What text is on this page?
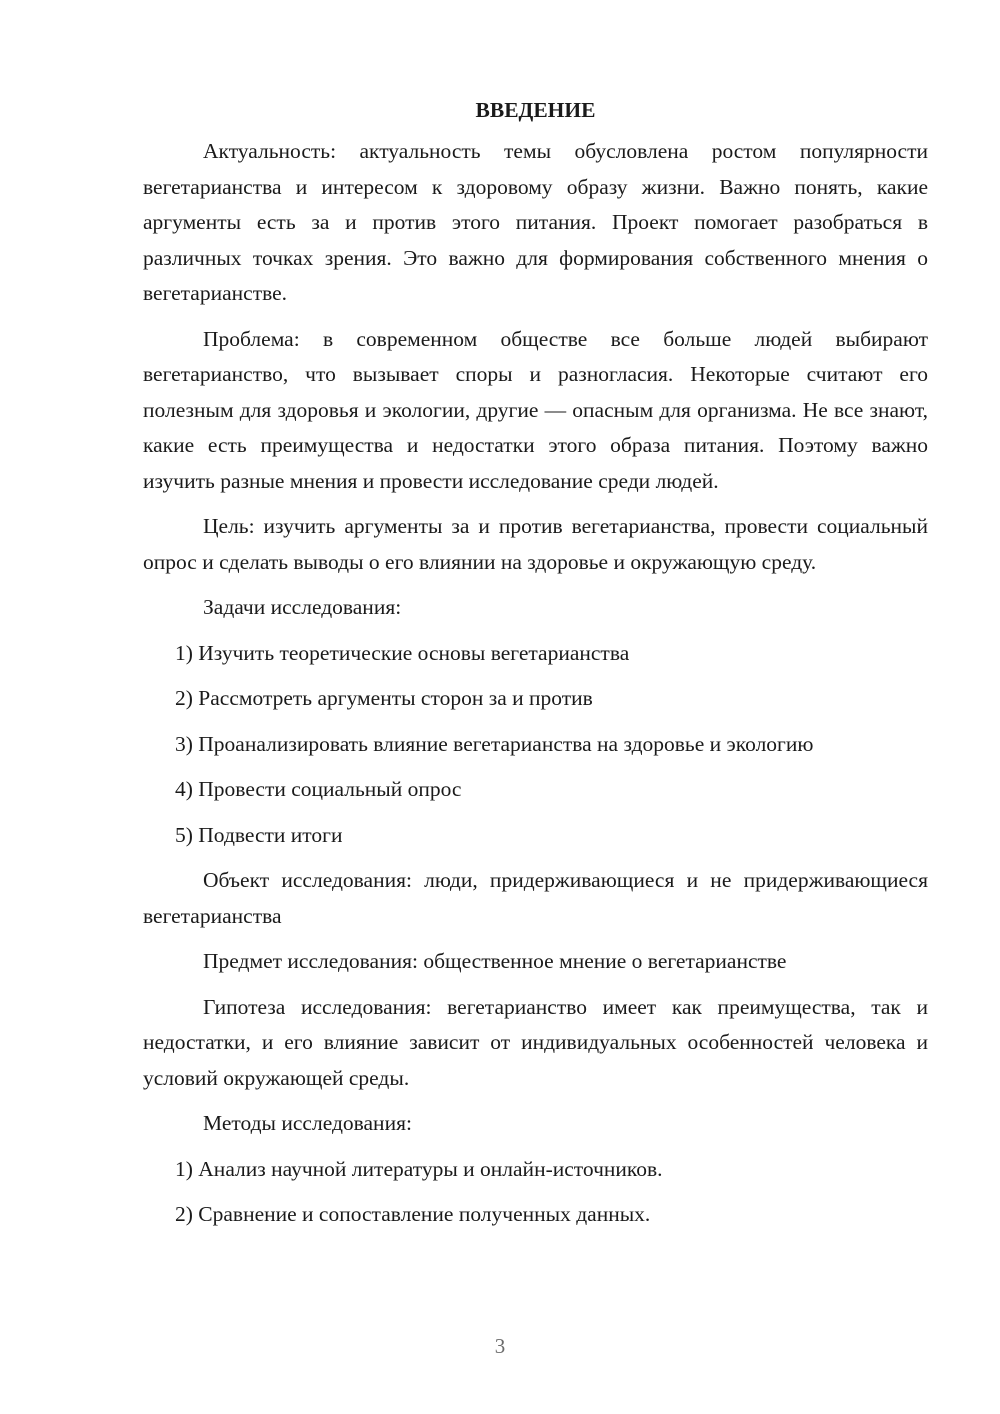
ВВЕДЕНИЕ

Актуальность: актуальность темы обусловлена ростом популярности вегетарианства и интересом к здоровому образу жизни. Важно понять, какие аргументы есть за и против этого питания. Проект помогает разобраться в различных точках зрения. Это важно для формирования собственного мнения о вегетарианстве.

Проблема: в современном обществе все больше людей выбирают вегетарианство, что вызывает споры и разногласия. Некоторые считают его полезным для здоровья и экологии, другие — опасным для организма. Не все знают, какие есть преимущества и недостатки этого образа питания. Поэтому важно изучить разные мнения и провести исследование среди людей.

Цель: изучить аргументы за и против вегетарианства, провести социальный опрос и сделать выводы о его влиянии на здоровье и окружающую среду.

Задачи исследования:

1) Изучить теоретические основы вегетарианства
2) Рассмотреть аргументы сторон за и против
3) Проанализировать влияние вегетарианства на здоровье и экологию
4) Провести социальный опрос
5) Подвести итоги

Объект исследования: люди, придерживающиеся и не придерживающиеся вегетарианства

Предмет исследования: общественное мнение о вегетарианстве

Гипотеза исследования: вегетарианство имеет как преимущества, так и недостатки, и его влияние зависит от индивидуальных особенностей человека и условий окружающей среды.

Методы исследования:

1) Анализ научной литературы и онлайн-источников.
2) Сравнение и сопоставление полученных данных.
3
